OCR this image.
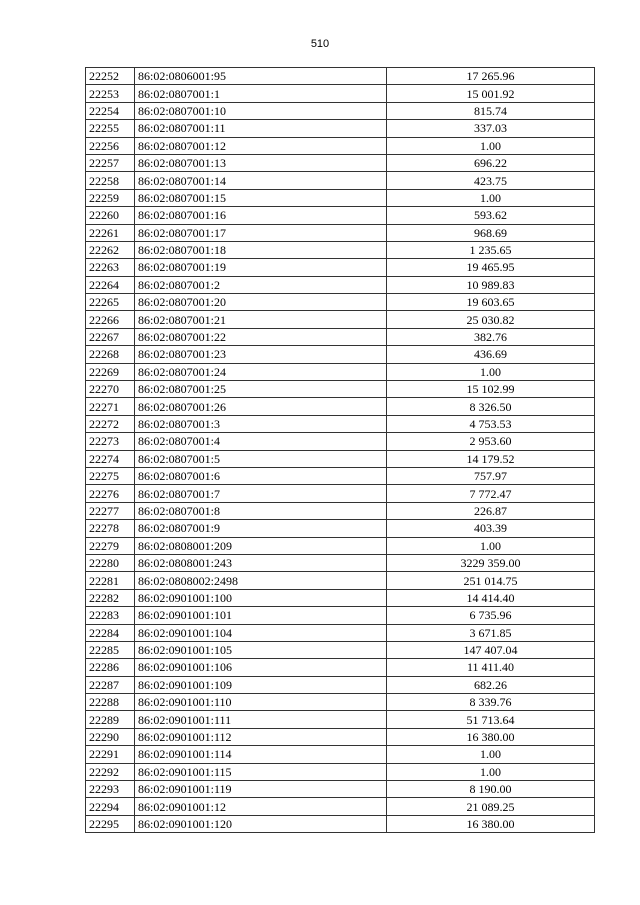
510
22252	86:02:0806001:95	17 265.96
22253	86:02:0807001:1	15 001.92
22254	86:02:0807001:10	815.74
22255	86:02:0807001:11	337.03
22256	86:02:0807001:12	1.00
22257	86:02:0807001:13	696.22
22258	86:02:0807001:14	423.75
22259	86:02:0807001:15	1.00
22260	86:02:0807001:16	593.62
22261	86:02:0807001:17	968.69
22262	86:02:0807001:18	1 235.65
22263	86:02:0807001:19	19 465.95
22264	86:02:0807001:2	10 989.83
22265	86:02:0807001:20	19 603.65
22266	86:02:0807001:21	25 030.82
22267	86:02:0807001:22	382.76
22268	86:02:0807001:23	436.69
22269	86:02:0807001:24	1.00
22270	86:02:0807001:25	15 102.99
22271	86:02:0807001:26	8 326.50
22272	86:02:0807001:3	4 753.53
22273	86:02:0807001:4	2 953.60
22274	86:02:0807001:5	14 179.52
22275	86:02:0807001:6	757.97
22276	86:02:0807001:7	7 772.47
22277	86:02:0807001:8	226.87
22278	86:02:0807001:9	403.39
22279	86:02:0808001:209	1.00
22280	86:02:0808001:243	3229 359.00
22281	86:02:0808002:2498	251 014.75
22282	86:02:0901001:100	14 414.40
22283	86:02:0901001:101	6 735.96
22284	86:02:0901001:104	3 671.85
22285	86:02:0901001:105	147 407.04
22286	86:02:0901001:106	11 411.40
22287	86:02:0901001:109	682.26
22288	86:02:0901001:110	8 339.76
22289	86:02:0901001:111	51 713.64
22290	86:02:0901001:112	16 380.00
22291	86:02:0901001:114	1.00
22292	86:02:0901001:115	1.00
22293	86:02:0901001:119	8 190.00
22294	86:02:0901001:12	21 089.25
22295	86:02:0901001:120	16 380.00
